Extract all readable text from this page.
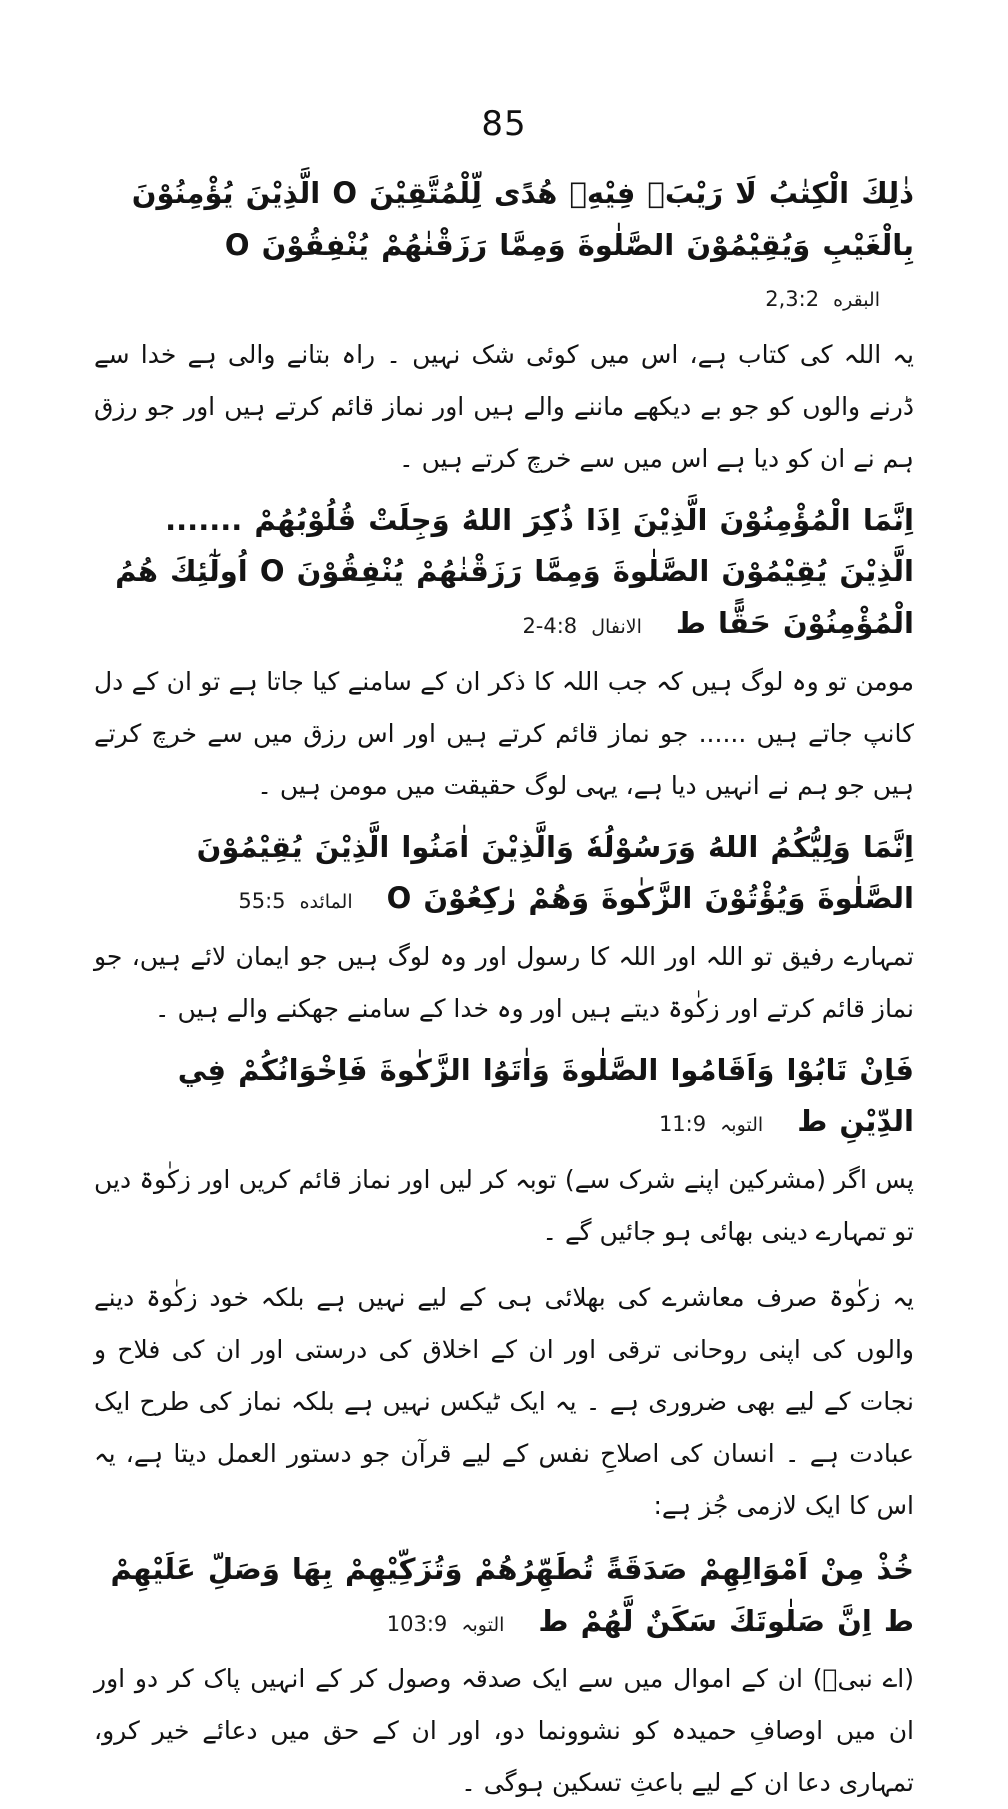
85

ذٰلِكَ الْكِتٰبُ لَا رَيْبَۛ فِيْهِۛ هُدًى لِّلْمُتَّقِيْنَ O الَّذِيْنَ يُؤْمِنُوْنَ بِالْغَيْبِ وَيُقِيْمُوْنَ الصَّلٰوةَ وَمِمَّا رَزَقْنٰهُمْ يُنْفِقُوْنَ Oالبقره 2,3:2

یہ اللہ کی کتاب ہے، اس میں کوئی شک نہیں ۔ راہ بتانے والی ہے خدا سے ڈرنے والوں کو جو بے دیکھے ماننے والے ہیں اور نماز قائم کرتے ہیں اور جو رزق ہم نے ان کو دیا ہے اس میں سے خرچ کرتے ہیں ۔

اِنَّمَا الْمُؤْمِنُوْنَ الَّذِيْنَ اِذَا ذُكِرَ اللهُ وَجِلَتْ قُلُوْبُهُمْ ....... الَّذِيْنَ يُقِيْمُوْنَ الصَّلٰوةَ وَمِمَّا رَزَقْنٰهُمْ يُنْفِقُوْنَ O اُولٰٓئِكَ هُمُ الْمُؤْمِنُوْنَ حَقًّا طالانفال 2-4:8

مومن تو وہ لوگ ہیں کہ جب اللہ کا ذکر ان کے سامنے کیا جاتا ہے تو ان کے دل کانپ جاتے ہیں ...... جو نماز قائم کرتے ہیں اور اس رزق میں سے خرچ کرتے ہیں جو ہم نے انہیں دیا ہے، یہی لوگ حقیقت میں مومن ہیں ۔

اِنَّمَا وَلِيُّكُمُ اللهُ وَرَسُوْلُهٗ وَالَّذِيْنَ اٰمَنُوا الَّذِيْنَ يُقِيْمُوْنَ الصَّلٰوةَ وَيُؤْتُوْنَ الزَّكٰوةَ وَهُمْ رٰكِعُوْنَ Oالمائده 55:5

تمہارے رفیق تو اللہ اور اللہ کا رسول اور وہ لوگ ہیں جو ایمان لائے ہیں، جو نماز قائم کرتے اور زکٰوۃ دیتے ہیں اور وہ خدا کے سامنے جھکنے والے ہیں ۔

فَاِنْ تَابُوْا وَاَقَامُوا الصَّلٰوةَ وَاٰتَوُا الزَّكٰوةَ فَاِخْوَانُكُمْ فِي الدِّيْنِ طالتوبہ 11:9

پس اگر (مشرکین اپنے شرک سے) توبہ کر لیں اور نماز قائم کریں اور زکٰوۃ دیں تو تمہارے دینی بھائی ہو جائیں گے ۔

یہ زکٰوۃ صرف معاشرے کی بھلائی ہی کے لیے نہیں ہے بلکہ خود زکٰوۃ دینے والوں کی اپنی روحانی ترقی اور ان کے اخلاق کی درستی اور ان کی فلاح و نجات کے لیے بھی ضروری ہے ۔ یہ ایک ٹیکس نہیں ہے بلکہ نماز کی طرح ایک عبادت ہے ۔ انسان کی اصلاحِ نفس کے لیے قرآن جو دستور العمل دیتا ہے، یہ اس کا ایک لازمی جُز ہے:

خُذْ مِنْ اَمْوَالِهِمْ صَدَقَةً تُطَهِّرُهُمْ وَتُزَكِّيْهِمْ بِهَا وَصَلِّ عَلَيْهِمْ ط اِنَّ صَلٰوتَكَ سَكَنٌ لَّهُمْ طالتوبہ 103:9

(اے نبیؐ) ان کے اموال میں سے ایک صدقہ وصول کر کے انہیں پاک کر دو اور ان میں اوصافِ حمیدہ کو نشوونما دو، اور ان کے حق میں دعائے خیر کرو، تمہاری دعا ان کے لیے باعثِ تسکین ہوگی ۔
